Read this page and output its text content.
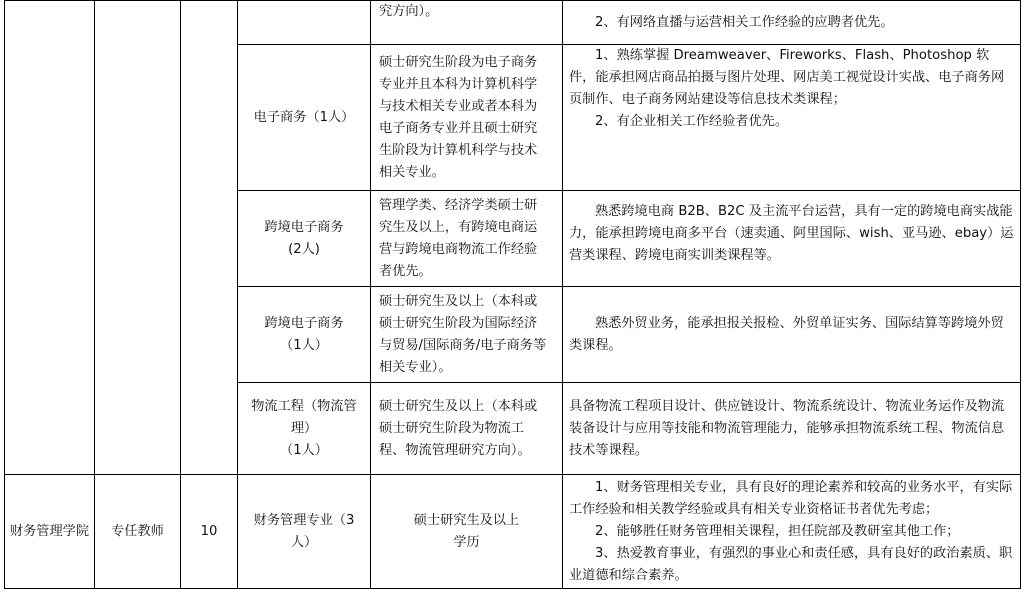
				究方向）。	2、有网络直播与运营相关工作经验的应聘者优先。

			电子商务（1人）	硕士研究生阶段为电子商务专业并且本科为计算机科学与技术相关专业或者本科为电子商务专业并且硕士研究生阶段为计算机科学与技术相关专业。	1、熟练掌握 Dreamweaver、Fireworks、Flash、Photoshop 软件，能承担网店商品拍摄与图片处理、网店美工视觉设计实战、电子商务网页制作、电子商务网站建设等信息技术类课程；
2、有企业相关工作经验者优先。

			跨境电子商务(2人)	管理学类、经济学类硕士研究生及以上，有跨境电商运营与跨境电商物流工作经验者优先。	熟悉跨境电商 B2B、B2C 及主流平台运营，具有一定的跨境电商实战能力，能承担跨境电商多平台（速卖通、阿里国际、wish、亚马逊、ebay）运营类课程、跨境电商实训类课程等。

			跨境电子商务（1人）	硕士研究生及以上（本科或硕士研究生阶段为国际经济与贸易/国际商务/电子商务等相关专业）。	熟悉外贸业务，能承担报关报检、外贸单证实务、国际结算等跨境外贸类课程。

			物流工程（物流管理）
（1人）	硕士研究生及以上（本科或硕士研究生阶段为物流工程、物流管理研究方向）。	具备物流工程项目设计、供应链设计、物流系统设计、物流业务运作及物流装备设计与应用等技能和物流管理能力，能够承担物流系统工程、物流信息技术等课程。

财务管理学院	专任教师	10	财务管理专业（3人）	硕士研究生及以上
学历	1、财务管理相关专业，具有良好的理论素养和较高的业务水平，有实际工作经验和相关教学经验或具有相关专业资格证书者优先考虑；
2、能够胜任财务管理相关课程，担任院部及教研室其他工作；
3、热爱教育事业，有强烈的事业心和责任感，具有良好的政治素质、职业道德和综合素养。
